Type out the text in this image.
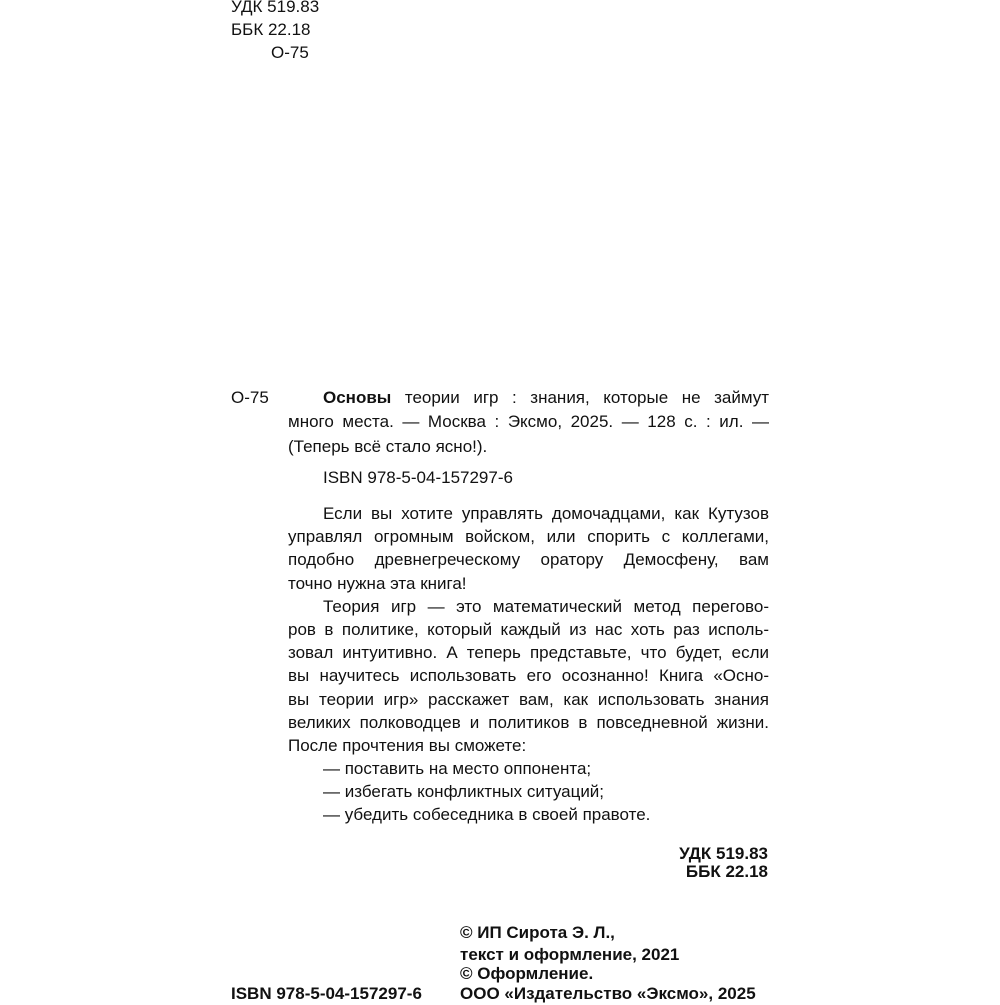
УДК 519.83
ББК 22.18
О-75
О-75	Основы теории игр : знания, которые не займут
много места. — Москва : Эксмо, 2025. — 128 с. : ил. —
(Теперь всё стало ясно!).
ISBN 978-5-04-157297-6
Если вы хотите управлять домочадцами, как Кутузов
управлял огромным войском, или спорить с коллегами,
подобно древнегреческому оратору Демосфену, вам
точно нужна эта книга!
Теория игр — это математический метод перегово-
ров в политике, который каждый из нас хоть раз исполь-
зовал интуитивно. А теперь представьте, что будет, если
вы научитесь использовать его осознанно! Книга «Осно-
вы теории игр» расскажет вам, как использовать знания
великих полководцев и политиков в повседневной жизни.
После прочтения вы сможете:
— поставить на место оппонента;
— избегать конфликтных ситуаций;
— убедить собеседника в своей правоте.
УДК 519.83
ББК 22.18
© ИП Сирота Э. Л.,
текст и оформление, 2021
© Оформление.
ООО «Издательство «Эксмо», 2025
ISBN 978-5-04-157297-6
